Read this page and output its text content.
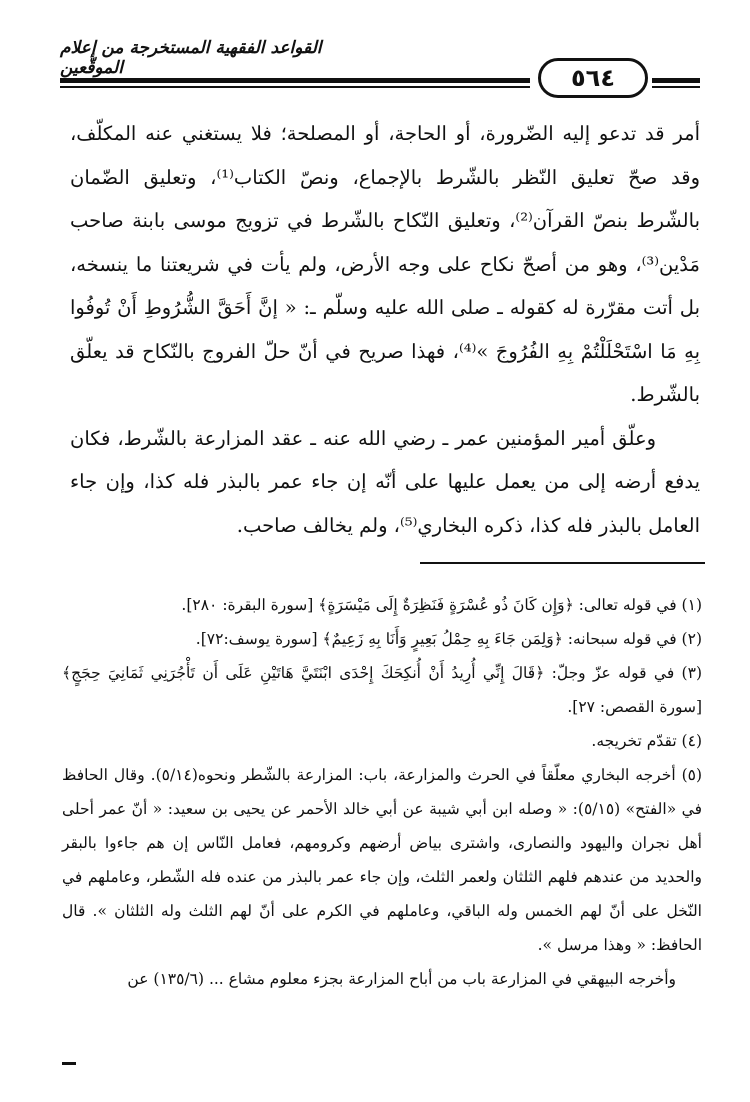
القواعد الفقهية المستخرجة من إعلام الموقّعين	٥٦٤

أمر قد تدعو إليه الضّرورة، أو الحاجة، أو المصلحة؛ فلا يستغني عنه المكلّف، وقد صحّ تعليق النّظر بالشّرط بالإجماع، ونصّ الكتاب⁽¹⁾، وتعليق الضّمان بالشّرط بنصّ القرآن⁽²⁾، وتعليق النّكاح بالشّرط في تزويج موسى بابنة صاحب مَدْين⁽³⁾، وهو من أصحّ نكاح على وجه الأرض، ولم يأت في شريعتنا ما ينسخه، بل أتت مقرّرة له كقوله ـ صلى الله عليه وسلّم ـ: « إنَّ أَحَقَّ الشُّرُوطِ أَنْ تُوفُوا بِهِ مَا اسْتَحْلَلْتُمْ بِهِ الفُرُوجَ »⁽⁴⁾، فهذا صريح في أنّ حلّ الفروج بالنّكاح قد يعلّق بالشّرط.

وعلّق أمير المؤمنين عمر ـ رضي الله عنه ـ عقد المزارعة بالشّرط، فكان يدفع أرضه إلى من يعمل عليها على أنّه إن جاء عمر بالبذر فله كذا، وإن جاء العامل بالبذر فله كذا، ذكره البخاري⁽⁵⁾، ولم يخالف صاحب.

(١) في قوله تعالى: ﴿وَإِن كَانَ ذُو عُسْرَةٍ فَنَظِرَةٌ إِلَى مَيْسَرَةٍ﴾ [سورة البقرة: ٢٨٠].

(٢) في قوله سبحانه: ﴿وَلِمَن جَاءَ بِهِ حِمْلُ بَعِيرٍ وَأَنَا بِهِ زَعِيمٌ﴾ [سورة يوسف:٧٢].

(٣) في قوله عزّ وجلّ: ﴿قَالَ إِنِّي أُرِيدُ أَنْ أُنكِحَكَ إِحْدَى ابْنَتَيَّ هَاتَيْنِ عَلَى أَن تَأْجُرَنِي ثَمَانِيَ حِجَجٍ﴾ [سورة القصص: ٢٧].

(٤) تقدّم تخريجه.

(٥) أخرجه البخاري معلّقاً في الحرث والمزارعة، باب: المزارعة بالشّطر ونحوه(٥/١٤). وقال الحافظ في «الفتح» (٥/١٥): « وصله ابن أبي شيبة عن أبي خالد الأحمر عن يحيى بن سعيد: « أنّ عمر أحلى أهل نجران واليهود والنصارى، واشترى بياض أرضهم وكرومهم، فعامل النّاس إن هم جاءوا بالبقر والحديد من عندهم فلهم الثلثان ولعمر الثلث، وإن جاء عمر بالبذر من عنده فله الشّطر، وعاملهم في النّخل على أنّ لهم الخمس وله الباقي، وعاملهم في الكرم على أنّ لهم الثلث وله الثلثان ». قال الحافظ: « وهذا مرسل ».

وأخرجه البيهقي في المزارعة باب من أباح المزارعة بجزء معلوم مشاع ... (١٣٥/٦) عن
